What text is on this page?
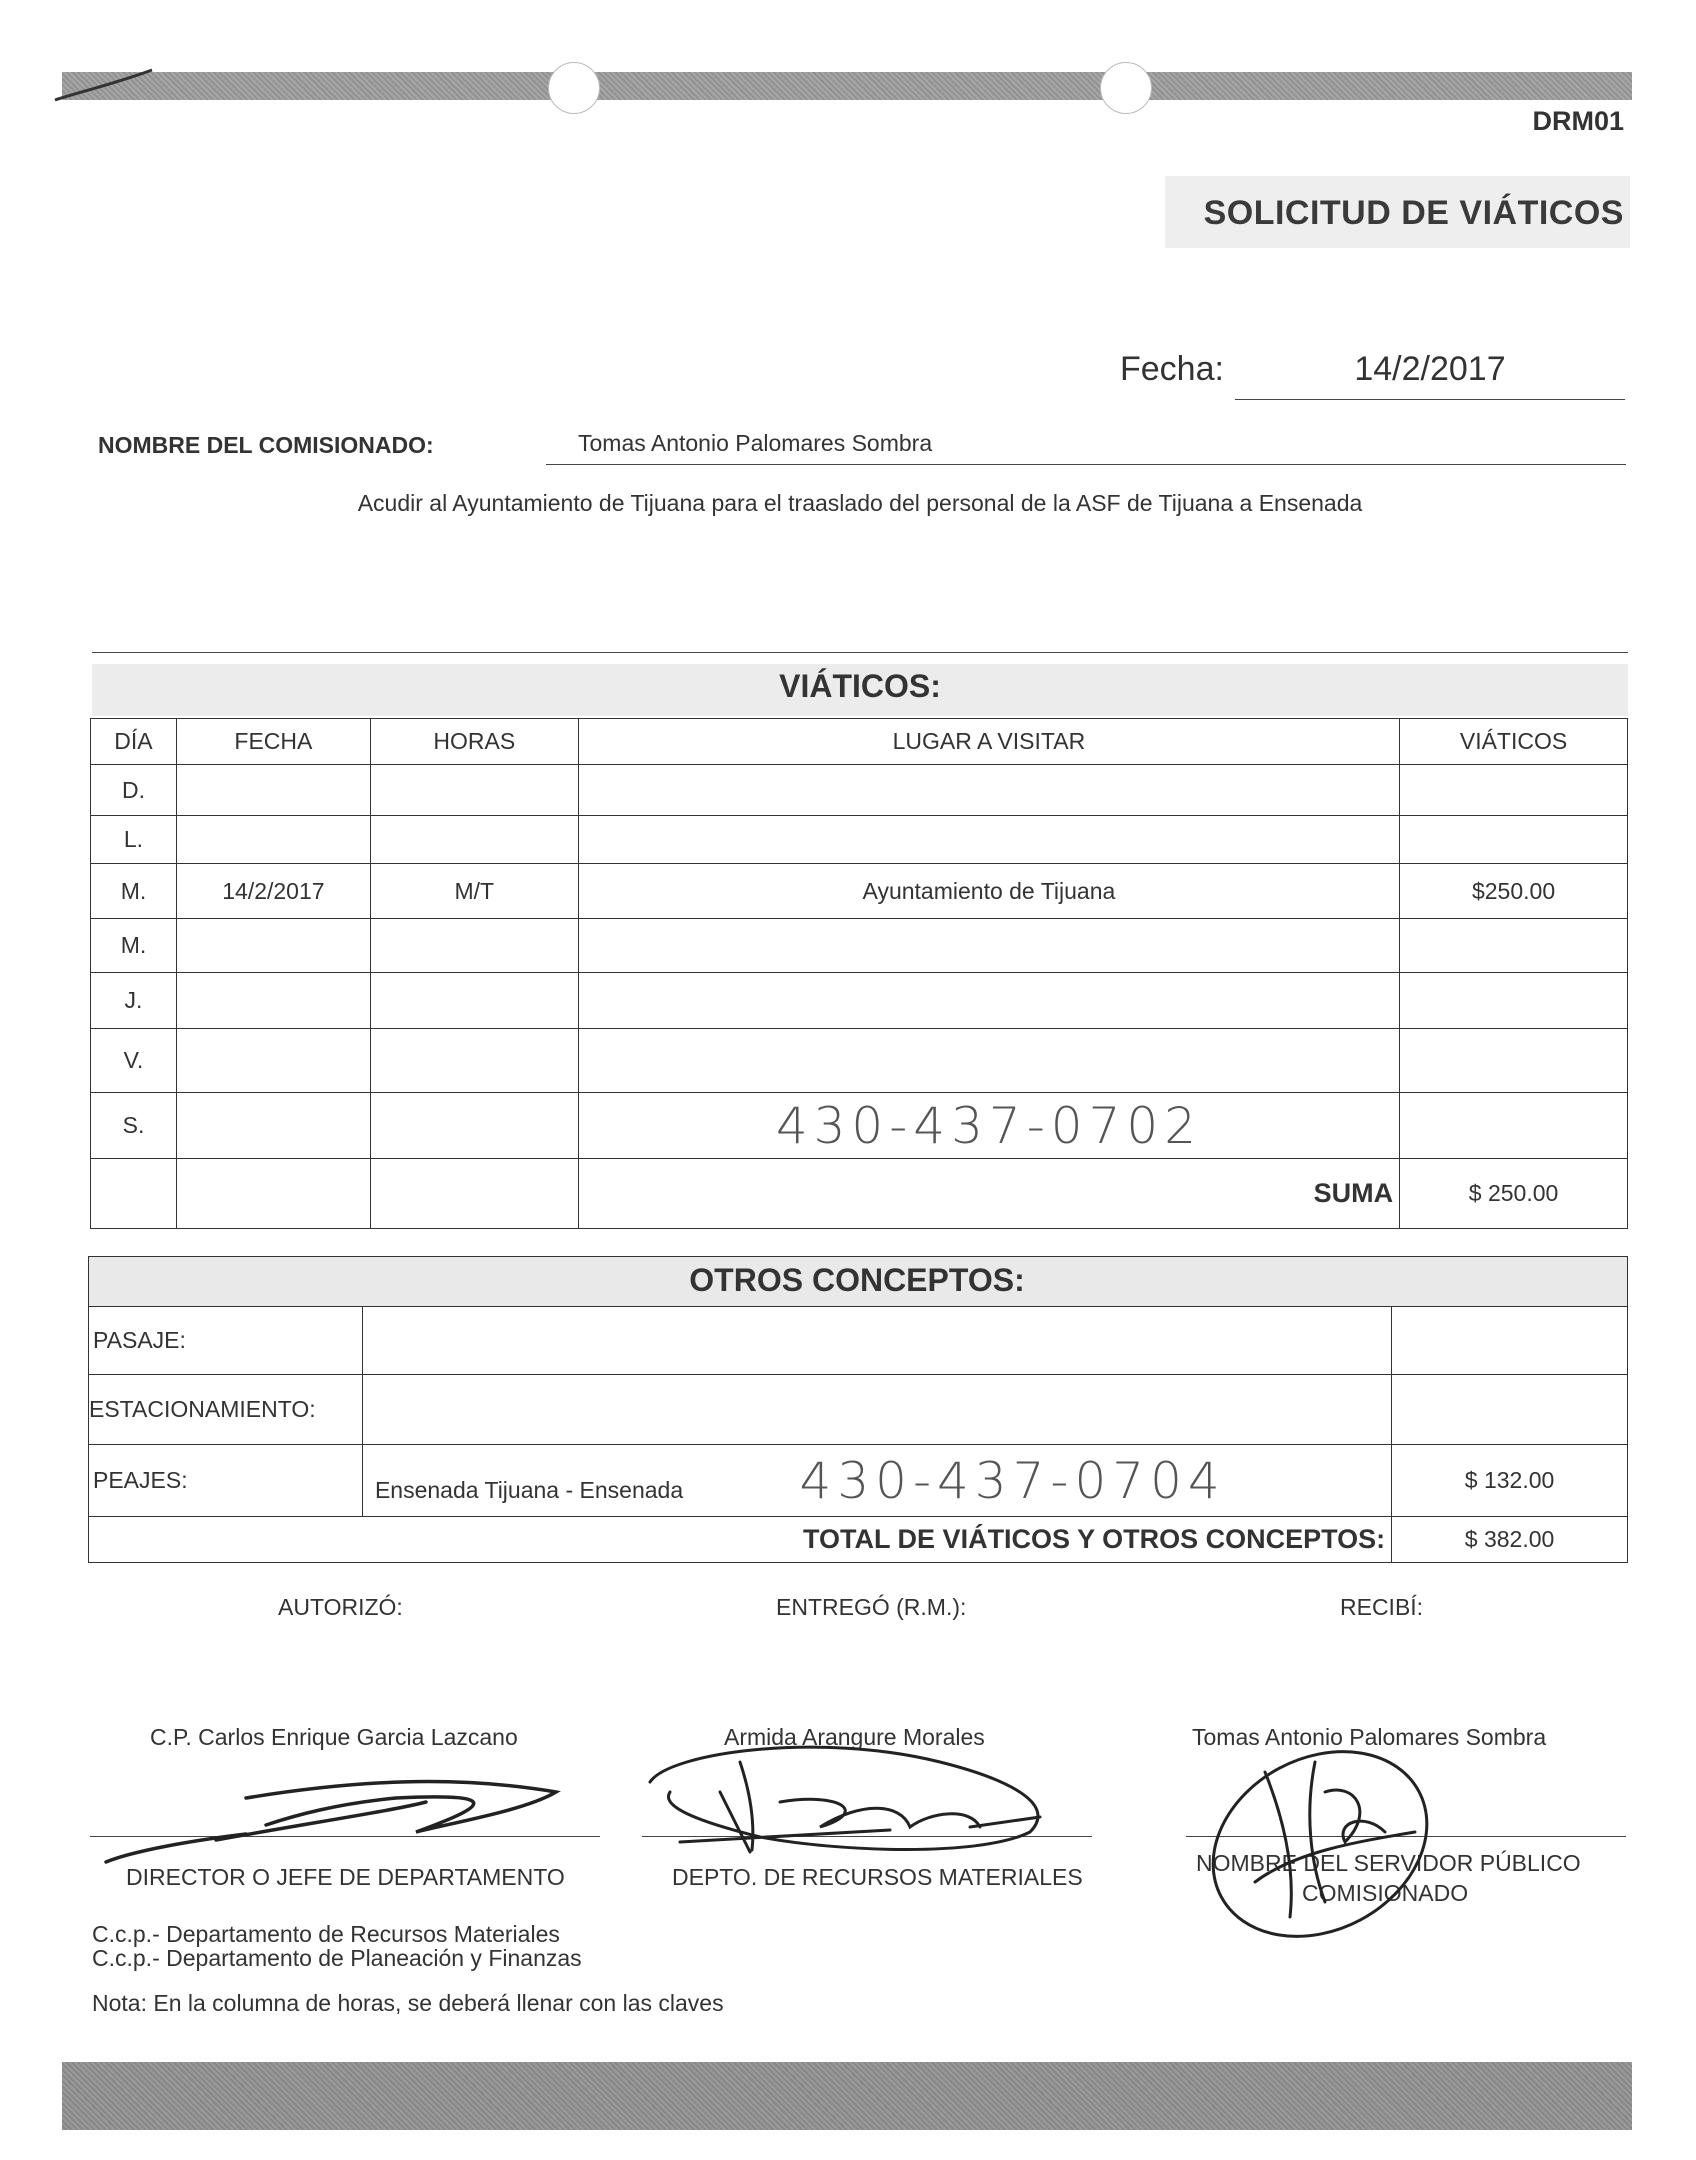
DRM01
SOLICITUD DE VIÁTICOS
Fecha:	14/2/2017
NOMBRE DEL COMISIONADO:	Tomas Antonio Palomares Sombra
Acudir al Ayuntamiento de Tijuana para el traaslado del personal de la ASF de Tijuana a Ensenada
VIÁTICOS:
DÍA	FECHA	HORAS	LUGAR A VISITAR	VIÁTICOS
D.				
L.				
M.	14/2/2017	M/T	Ayuntamiento de Tijuana	$250.00
M.				
J.				
V.				
S.			430-437-0702	
			SUMA	$ 250.00
OTROS CONCEPTOS:
PASAJE:		
ESTACIONAMIENTO:		
PEAJES:	Ensenada Tijuana - Ensenada 430-437-0704	$ 132.00
TOTAL DE VIÁTICOS Y OTROS CONCEPTOS:		$ 382.00
AUTORIZÓ:	ENTREGÓ (R.M.):	RECIBÍ:
C.P. Carlos Enrique Garcia Lazcano	Armida Arangure Morales	Tomas Antonio Palomares Sombra
DIRECTOR O JEFE DE DEPARTAMENTO	DEPTO. DE RECURSOS MATERIALES
NOMBRE DEL SERVIDOR PÚBLICO
COMISIONADO
C.c.p.- Departamento de Recursos Materiales
C.c.p.- Departamento de Planeación y Finanzas
Nota: En la columna de horas, se deberá llenar con las claves
